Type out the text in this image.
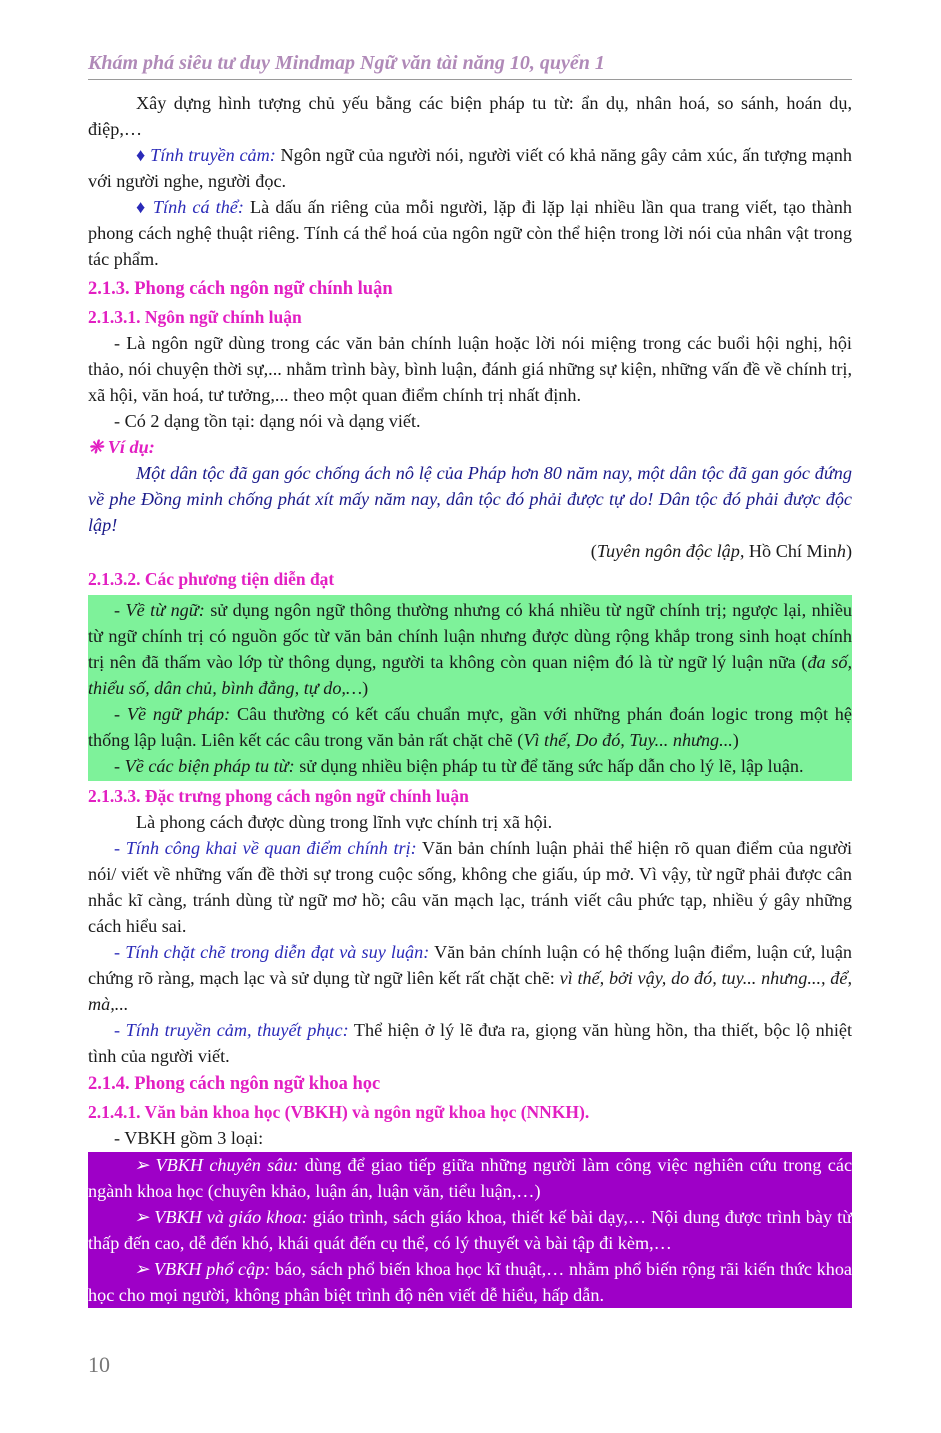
Khám phá siêu tư duy Mindmap Ngữ văn tài năng 10, quyển 1

Xây dựng hình tượng chủ yếu bằng các biện pháp tu từ: ẩn dụ, nhân hoá, so sánh, hoán dụ, điệp,…

♦ Tính truyền cảm: Ngôn ngữ của người nói, người viết có khả năng gây cảm xúc, ấn tượng mạnh với người nghe, người đọc.

♦ Tính cá thể: Là dấu ấn riêng của mỗi người, lặp đi lặp lại nhiều lần qua trang viết, tạo thành phong cách nghệ thuật riêng. Tính cá thể hoá của ngôn ngữ còn thể hiện trong lời nói của nhân vật trong tác phẩm.

2.1.3. Phong cách ngôn ngữ chính luận

2.1.3.1. Ngôn ngữ chính luận

- Là ngôn ngữ dùng trong các văn bản chính luận hoặc lời nói miệng trong các buổi hội nghị, hội thảo, nói chuyện thời sự,... nhằm trình bày, bình luận, đánh giá những sự kiện, những vấn đề về chính trị, xã hội, văn hoá, tư tưởng,... theo một quan điểm chính trị nhất định.

- Có 2 dạng tồn tại: dạng nói và dạng viết.

❈ Ví dụ:

Một dân tộc đã gan góc chống ách nô lệ của Pháp hơn 80 năm nay, một dân tộc đã gan góc đứng về phe Đồng minh chống phát xít mấy năm nay, dân tộc đó phải được tự do! Dân tộc đó phải được độc lập!

(Tuyên ngôn độc lập, Hồ Chí Minh)

2.1.3.2. Các phương tiện diễn đạt

- Về từ ngữ: sử dụng ngôn ngữ thông thường nhưng có khá nhiều từ ngữ chính trị; ngược lại, nhiều từ ngữ chính trị có nguồn gốc từ văn bản chính luận nhưng được dùng rộng khắp trong sinh hoạt chính trị nên đã thấm vào lớp từ thông dụng, người ta không còn quan niệm đó là từ ngữ lý luận nữa (đa số, thiểu số, dân chủ, bình đẳng, tự do,…)

- Về ngữ pháp: Câu thường có kết cấu chuẩn mực, gần với những phán đoán logic trong một hệ thống lập luận. Liên kết các câu trong văn bản rất chặt chẽ (Vì thế, Do đó, Tuy... nhưng...)

- Về các biện pháp tu từ: sử dụng nhiều biện pháp tu từ để tăng sức hấp dẫn cho lý lẽ, lập luận.

2.1.3.3. Đặc trưng phong cách ngôn ngữ chính luận

Là phong cách được dùng trong lĩnh vực chính trị xã hội.

- Tính công khai về quan điểm chính trị: Văn bản chính luận phải thể hiện rõ quan điểm của người nói/ viết về những vấn đề thời sự trong cuộc sống, không che giấu, úp mở. Vì vậy, từ ngữ phải được cân nhắc kĩ càng, tránh dùng từ ngữ mơ hồ; câu văn mạch lạc, tránh viết câu phức tạp, nhiều ý gây những cách hiểu sai.

- Tính chặt chẽ trong diễn đạt và suy luận: Văn bản chính luận có hệ thống luận điểm, luận cứ, luận chứng rõ ràng, mạch lạc và sử dụng từ ngữ liên kết rất chặt chẽ: vì thế, bởi vậy, do đó, tuy... nhưng..., để, mà,...

- Tính truyền cảm, thuyết phục: Thể hiện ở lý lẽ đưa ra, giọng văn hùng hồn, tha thiết, bộc lộ nhiệt tình của người viết.

2.1.4. Phong cách ngôn ngữ khoa học

2.1.4.1. Văn bản khoa học (VBKH) và ngôn ngữ khoa học (NNKH).

- VBKH gồm 3 loại:

➢ VBKH chuyên sâu: dùng để giao tiếp giữa những người làm công việc nghiên cứu trong các ngành khoa học (chuyên khảo, luận án, luận văn, tiểu luận,…)

➢ VBKH và giáo khoa: giáo trình, sách giáo khoa, thiết kế bài dạy,… Nội dung được trình bày từ thấp đến cao, dễ đến khó, khái quát đến cụ thể, có lý thuyết và bài tập đi kèm,…

➢ VBKH phổ cập: báo, sách phổ biến khoa học kĩ thuật,… nhằm phổ biến rộng rãi kiến thức khoa học cho mọi người, không phân biệt trình độ nên viết dễ hiểu, hấp dẫn.

10
